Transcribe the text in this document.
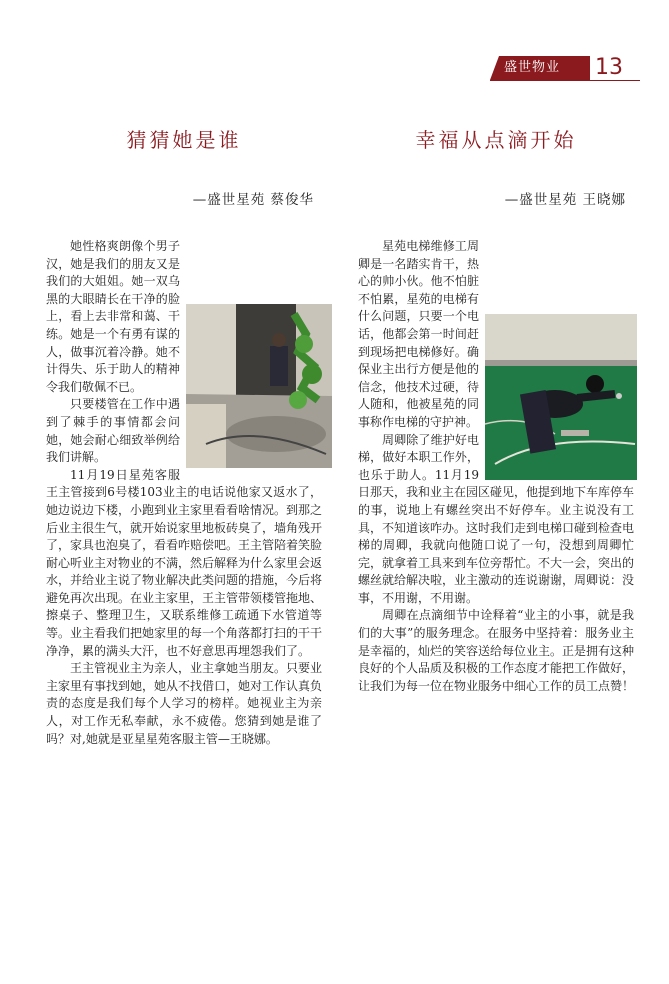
盛世物业 13
猜猜她是谁
—盛世星苑 蔡俊华

她性格爽朗像个男子汉，她是我们的朋友又是我们的大姐姐。她一双乌黑的大眼睛长在干净的脸上，看上去非常和蔼、干练。她是一个有勇有谋的人，做事沉着冷静。她不计得失、乐于助人的精神令我们敬佩不已。

只要楼管在工作中遇到了棘手的事情都会问她，她会耐心细致举例给我们讲解。

11月19日星苑客服王主管接到6号楼103业主的电话说他家又返水了，她边说边下楼，小跑到业主家里看看啥情况。到那之后业主很生气，就开始说家里地板砖臭了，墙角残开了，家具也泡臭了，看看咋赔偿吧。王主管陪着笑脸耐心听业主对物业的不满，然后解释为什么家里会返水，并给业主说了物业解决此类问题的措施，今后将避免再次出现。在业主家里，王主管带领楼管拖地、擦桌子、整理卫生，又联系维修工疏通下水管道等等。业主看我们把她家里的每一个角落都打扫的干干净净，累的满头大汗，也不好意思再埋怨我们了。

王主管视业主为亲人，业主拿她当朋友。只要业主家里有事找到她，她从不找借口，她对工作认真负责的态度是我们每个人学习的榜样。她视业主为亲人，对工作无私奉献，永不疲倦。您猜到她是谁了吗？对,她就是亚星星苑客服主管—王晓娜。

幸福从点滴开始
—盛世星苑 王晓娜

星苑电梯维修工周卿是一名踏实肯干，热心的帅小伙。他不怕脏不怕累，星苑的电梯有什么问题，只要一个电话，他都会第一时间赶到现场把电梯修好。确保业主出行方便是他的信念，他技术过硬，待人随和，他被星苑的同事称作电梯的守护神。

周卿除了维护好电梯，做好本职工作外，也乐于助人。11月19日那天，我和业主在园区碰见，他提到地下车库停车的事，说地上有螺丝突出不好停车。业主说没有工具，不知道该咋办。这时我们走到电梯口碰到检查电梯的周卿，我就向他随口说了一句，没想到周卿忙完，就拿着工具来到车位旁帮忙。不大一会，突出的螺丝就给解决啦，业主激动的连说谢谢，周卿说：没事，不用谢，不用谢。

周卿在点滴细节中诠释着“业主的小事，就是我们的大事”的服务理念。在服务中坚持着：服务业主是幸福的，灿烂的笑容送给每位业主。正是拥有这种良好的个人品质及积极的工作态度才能把工作做好，让我们为每一位在物业服务中细心工作的员工点赞！
